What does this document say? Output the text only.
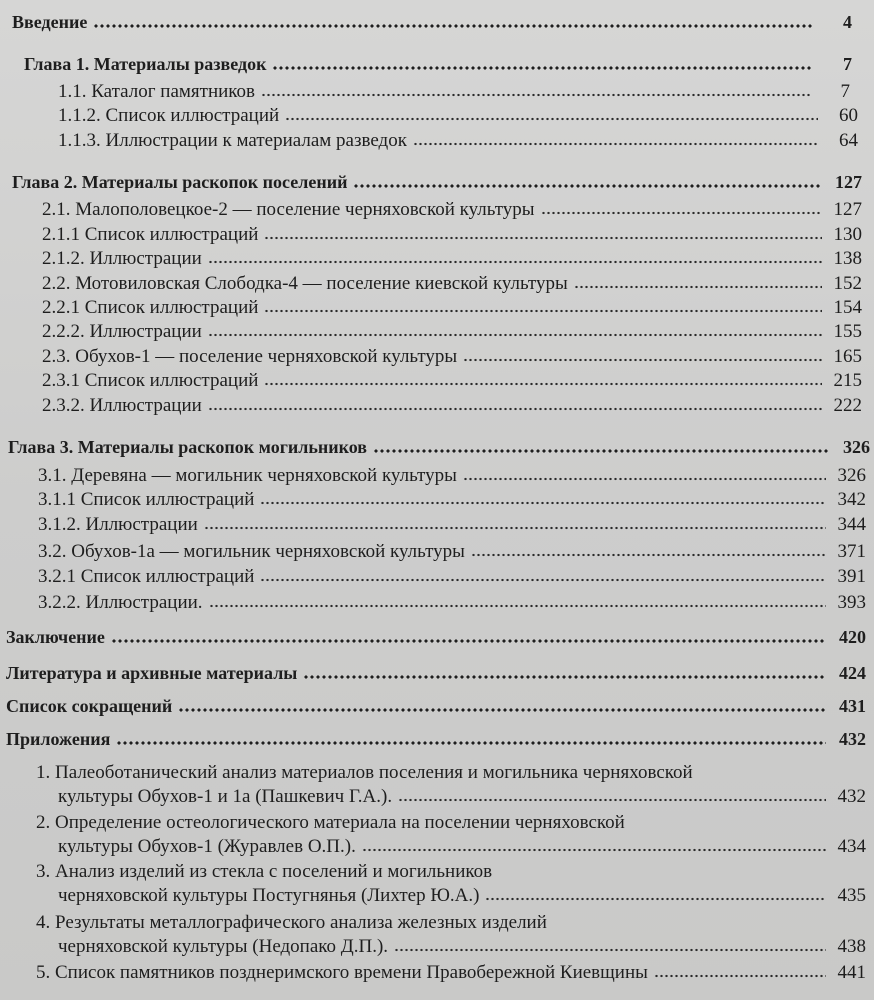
Введение	4
Глава 1. Материалы разведок	7
1.1. Каталог памятников	7
1.1.2. Список иллюстраций	60
1.1.3. Иллюстрации к материалам разведок	64
Глава 2. Материалы раскопок поселений	127
2.1. Малополовецкое-2 — поселение черняховской культуры	127
2.1.1 Список иллюстраций	130
2.1.2. Иллюстрации	138
2.2. Мотовиловская Слободка-4 — поселение киевской культуры	152
2.2.1 Список иллюстраций	154
2.2.2. Иллюстрации	155
2.3. Обухов-1 — поселение черняховской культуры	165
2.3.1 Список иллюстраций	215
2.3.2. Иллюстрации	222
Глава 3. Материалы раскопок могильников	326
3.1. Деревяна — могильник черняховской культуры	326
3.1.1 Список иллюстраций	342
3.1.2. Иллюстрации	344
3.2. Обухов-1а — могильник черняховской культуры	371
3.2.1 Список иллюстраций	391
3.2.2. Иллюстрации.	393
Заключение	420
Литература и архивные материалы	424
Список сокращений	431
Приложения	432
1. Палеоботанический анализ материалов поселения и могильника черняховской
культуры Обухов-1 и 1а (Пашкевич Г.А.).	432
2. Определение остеологического материала на поселении черняховской
культуры Обухов-1 (Журавлев О.П.).	434
3. Анализ изделий из стекла с поселений и могильников
черняховской культуры Постугнянья (Лихтер Ю.А.)	435
4. Результаты металлографического анализа железных изделий
черняховской культуры (Недопако Д.П.).	438
5. Список памятников позднеримского времени Правобережной Киевщины	441
